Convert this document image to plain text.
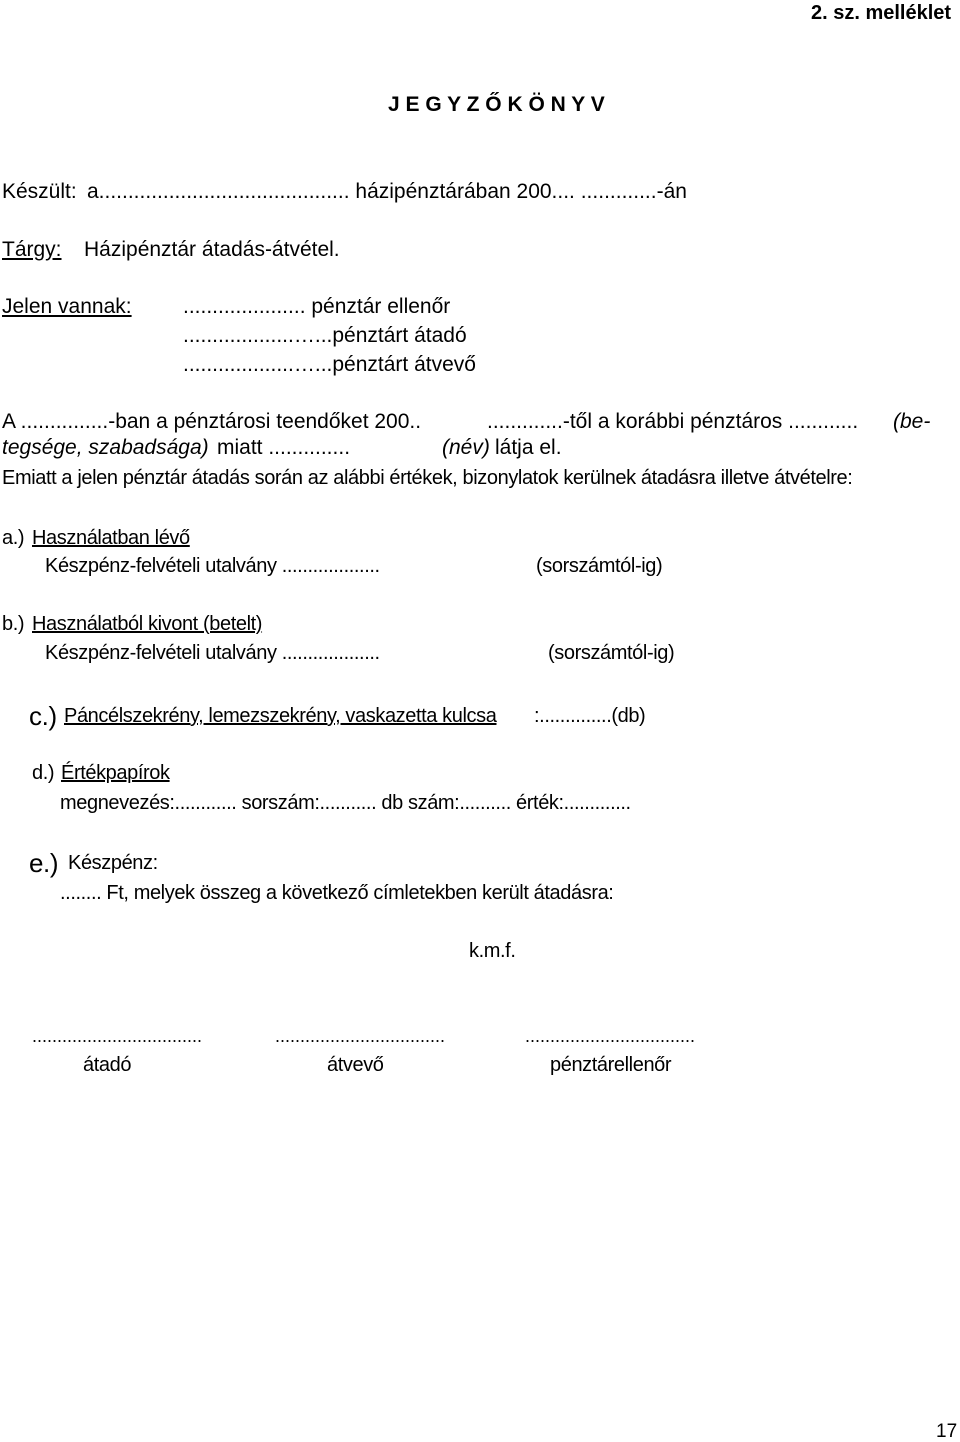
2. sz. melléklet
J E G Y Z Ő K Ö N Y V
Készült: a........................................... házipénztárában 200.... .............-án
Tárgy: Házipénztár átadás-átvétel.
Jelen vannak: ..................... pénztár ellenőr
...................…...pénztárt átadó
...................…...pénztárt átvevő
A ...............-ban a pénztárosi teendőket 200..	.............-től a korábbi pénztáros ............ (be-
tegsége, szabadsága) miatt ..............	(név) látja el.
Emiatt a jelen pénztár átadás során az alábbi értékek, bizonylatok kerülnek átadásra illetve átvételre:
a.) Használatban lévő
Készpénz-felvételi utalvány ...................	(sorszámtól-ig)
b.) Használatból kivont (betelt)
Készpénz-felvételi utalvány ...................	(sorszámtól-ig)
c.) Páncélszekrény, lemezszekrény, vaskazetta kulcsa :..............(db)
d.) Értékpapírok
megnevezés:............ sorszám:........... db szám:.......... érték:.............
e.) Készpénz:
........ Ft, melyek összeg a következő címletekben került átadásra:
k.m.f.
..................................	..................................	..................................
átadó	átvevő	pénztárellenőr
17
